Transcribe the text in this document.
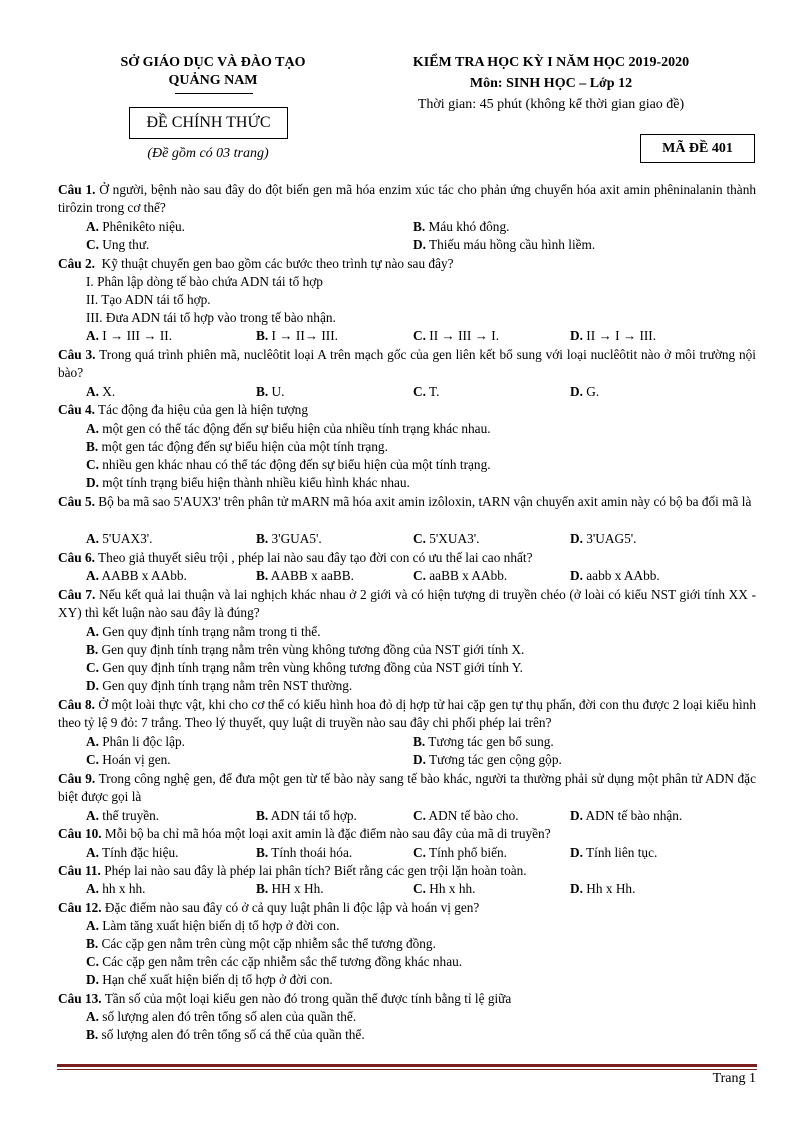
SỞ GIÁO DỤC VÀ ĐÀO TẠO
QUẢNG NAM
ĐỀ CHÍNH THỨC
(Đề gồm có 03 trang)
KIỂM TRA HỌC KỲ I NĂM HỌC 2019-2020
Môn: SINH HỌC – Lớp 12
Thời gian: 45 phút (không kể thời gian giao đề)
MÃ ĐỀ 401
Câu 1. Ở người, bệnh nào sau đây do đột biến gen mã hóa enzim xúc tác cho phản ứng chuyển hóa axit amin phêninalanin thành tirôzin trong cơ thể?
A. Phênikêto niệu.	B. Máu khó đông.
C. Ung thư.	D. Thiếu máu hồng cầu hình liềm.
Câu 2. Kỹ thuật chuyển gen bao gồm các bước theo trình tự nào sau đây?
I. Phân lập dòng tế bào chứa ADN tái tổ hợp
II. Tạo ADN tái tổ hợp.
III. Đưa ADN tái tổ hợp vào trong tế bào nhận.
A. I → III → II.	B. I → II→ III.	C. II → III → I.	D. II → I → III.
Câu 3. Trong quá trình phiên mã, nuclêôtit loại A trên mạch gốc của gen liên kết bổ sung với loại nuclêôtit nào ở môi trường nội bào?
A. X.	B. U.	C. T.	D. G.
Câu 4. Tác động đa hiệu của gen là hiện tượng
A. một gen có thể tác động đến sự biểu hiện của nhiều tính trạng khác nhau.
B. một gen tác động đến sự biểu hiện của một tính trạng.
C. nhiều gen khác nhau có thể tác động đến sự biểu hiện của một tính trạng.
D. một tính trạng biểu hiện thành nhiều kiểu hình khác nhau.
Câu 5. Bộ ba mã sao 5'AUX3' trên phân tử mARN mã hóa axit amin izôloxin, tARN vận chuyển axit amin này có bộ ba đối mã là
A. 5'UAX3'.	B. 3'GUA5'.	C. 5'XUA3'.	D. 3'UAG5'.
Câu 6. Theo giả thuyết siêu trội , phép lai nào sau đây tạo đời con có ưu thế lai cao nhất?
A. AABB x AAbb.	B. AABB x aaBB.	C. aaBB x AAbb.	D. aabb x AAbb.
Câu 7. Nếu kết quả lai thuận và lai nghịch khác nhau ở 2 giới và có hiện tượng di truyền chéo (ở loài có kiểu NST giới tính XX - XY) thì kết luận nào sau đây là đúng?
A. Gen quy định tính trạng nằm trong ti thể.
B. Gen quy định tính trạng nằm trên vùng không tương đồng của NST giới tính X.
C. Gen quy định tính trạng nằm trên vùng không tương đồng của NST giới tính Y.
D. Gen quy định tính trạng nằm trên NST thường.
Câu 8. Ở một loài thực vật, khi cho cơ thể có kiểu hình hoa đỏ dị hợp tử hai cặp gen tự thụ phấn, đời con thu được 2 loại kiểu hình theo tỷ lệ 9 đỏ: 7 trắng. Theo lý thuyết, quy luật di truyền nào sau đây chi phối phép lai trên?
A. Phân li độc lập.	B. Tương tác gen bổ sung.
C. Hoán vị gen.	D. Tương tác gen cộng gộp.
Câu 9. Trong công nghệ gen, để đưa một gen từ tế bào này sang tế bào khác, người ta thường phải sử dụng một phân tử ADN đặc biệt được gọi là
A. thể truyền.	B. ADN tái tổ hợp.	C. ADN tế bào cho.	D. ADN tế bào nhận.
Câu 10. Mỗi bộ ba chỉ mã hóa một loại axit amin là đặc điểm nào sau đây của mã di truyền?
A. Tính đặc hiệu.	B. Tính thoái hóa.	C. Tính phổ biến.	D. Tính liên tục.
Câu 11. Phép lai nào sau đây là phép lai phân tích? Biết rằng các gen trội lặn hoàn toàn.
A. hh x hh.	B. HH x Hh.	C. Hh x hh.	D. Hh x Hh.
Câu 12. Đặc điểm nào sau đây có ở cả quy luật phân li độc lập và hoán vị gen?
A. Làm tăng xuất hiện biến dị tổ hợp ở đời con.
B. Các cặp gen nằm trên cùng một cặp nhiễm sắc thể tương đồng.
C. Các cặp gen nằm trên các cặp nhiễm sắc thể tương đồng khác nhau.
D. Hạn chế xuất hiện biến dị tổ hợp ở đời con.
Câu 13. Tần số của một loại kiểu gen nào đó trong quần thể được tính bằng tỉ lệ giữa
A. số lượng alen đó trên tổng số alen của quần thể.
B. số lượng alen đó trên tổng số cá thể của quần thể.
Trang 1
